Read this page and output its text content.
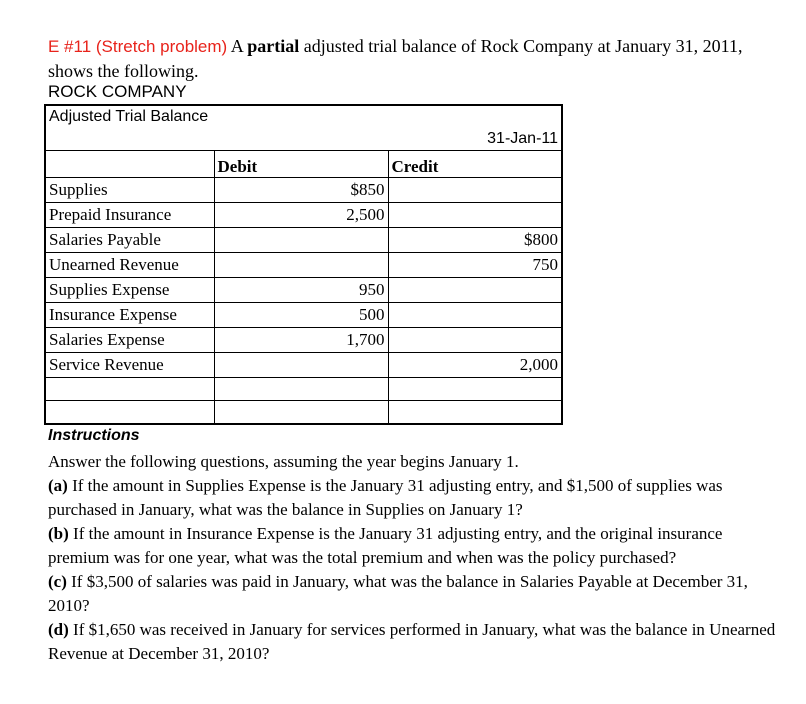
E #11 (Stretch problem) A partial adjusted trial balance of Rock Company at January 31, 2011, shows the following.
ROCK COMPANY
Adjusted Trial Balance		
31-Jan-11		

	Debit	Credit
Supplies	$850	
Prepaid Insurance	2,500	
Salaries Payable		$800
Unearned Revenue		750
Supplies Expense	950	
Insurance Expense	500	
Salaries Expense	1,700	
Service Revenue		2,000

Instructions

Answer the following questions, assuming the year begins January 1.

(a) If the amount in Supplies Expense is the January 31 adjusting entry, and $1,500 of supplies was purchased in January, what was the balance in Supplies on January 1?

(b) If the amount in Insurance Expense is the January 31 adjusting entry, and the original insurance premium was for one year, what was the total premium and when was the policy purchased?

(c) If $3,500 of salaries was paid in January, what was the balance in Salaries Payable at December 31, 2010?

(d) If $1,650 was received in January for services performed in January, what was the balance in Unearned Revenue at December 31, 2010?
